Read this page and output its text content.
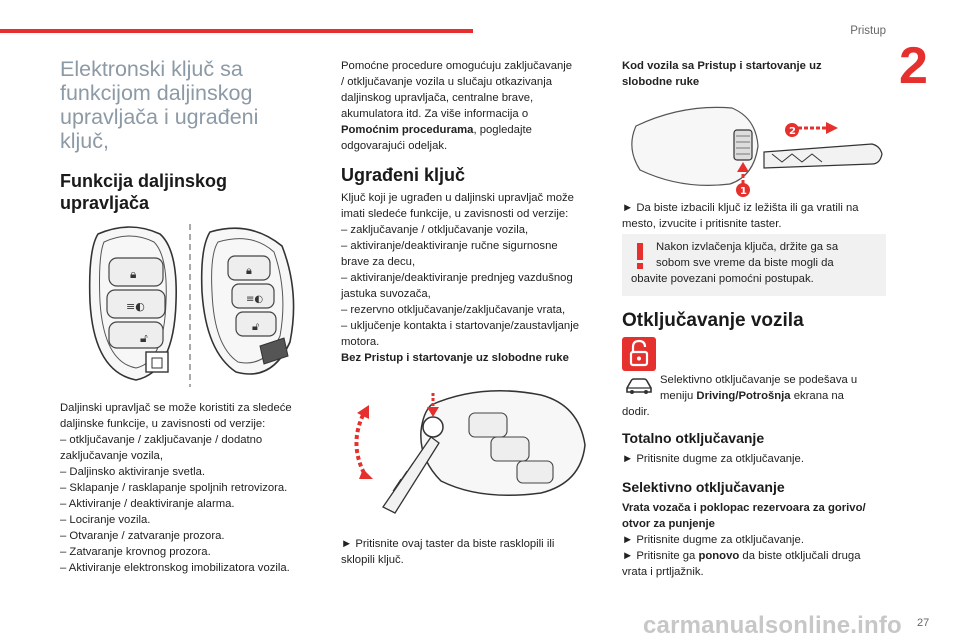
Pristup
2
27
Elektronski ključ sa
funkcijom daljinskog
upravljača i ugrađeni
ključ,
Funkcija daljinskog
upravljača
🔒︎
≡◐
🔓︎
🔒︎
≡◐
🔓︎
Daljinski upravljač se može koristiti za sledeće
daljinske funkcije, u zavisnosti od verzije:
– otključavanje / zaključavanje / dodatno
zaključavanje vozila,
– Daljinsko aktiviranje svetla.
– Sklapanje / rasklapanje spoljnih retrovizora.
– Aktiviranje / deaktiviranje alarma.
– Lociranje vozila.
– Otvaranje / zatvaranje prozora.
– Zatvaranje krovnog prozora.
– Aktiviranje elektronskog imobilizatora vozila.
Pomoćne procedure omogućuju zaključavanje
/ otključavanje vozila u slučaju otkazivanja
daljinskog upravljača, centralne brave,
akumulatora itd. Za više informacija o
Pomoćnim procedurama, pogledajte
odgovarajući odeljak.
Ugrađeni ključ
Ključ koji je ugrađen u daljinski upravljač može
imati sledeće funkcije, u zavisnosti od verzije:
– zaključavanje / otključavanje vozila,
– aktiviranje/deaktiviranje ručne sigurnosne
brave za decu,
– aktiviranje/deaktiviranje prednjeg vazdušnog
jastuka suvozača,
– rezervno otključavanje/zaključavanje vrata,
– uključenje kontakta i startovanje/zaustavljanje
motora.
Bez Pristup i startovanje uz slobodne ruke
► Pritisnite ovaj taster da biste rasklopili ili
sklopili ključ.
Kod vozila sa Pristup i startovanje uz
slobodne ruke
2
1
► Da biste izbacili ključ iz ležišta ili ga vratili na
mesto, izvucite i pritisnite taster.
Nakon izvlačenja ključa, držite ga sa
sobom sve vreme da biste mogli da
obavite povezani pomoćni postupak.
Otključavanje vozila
Selektivno otključavanje se podešava u
meniju Driving/Potrošnja ekrana na
dodir.
Totalno otključavanje
► Pritisnite dugme za otključavanje.
Selektivno otključavanje
Vrata vozača i poklopac rezervoara za gorivo/
otvor za punjenje
► Pritisnite dugme za otključavanje.
► Pritisnite ga ponovo da biste otključali druga
vrata i prtljažnik.
carmanualsonline.info
